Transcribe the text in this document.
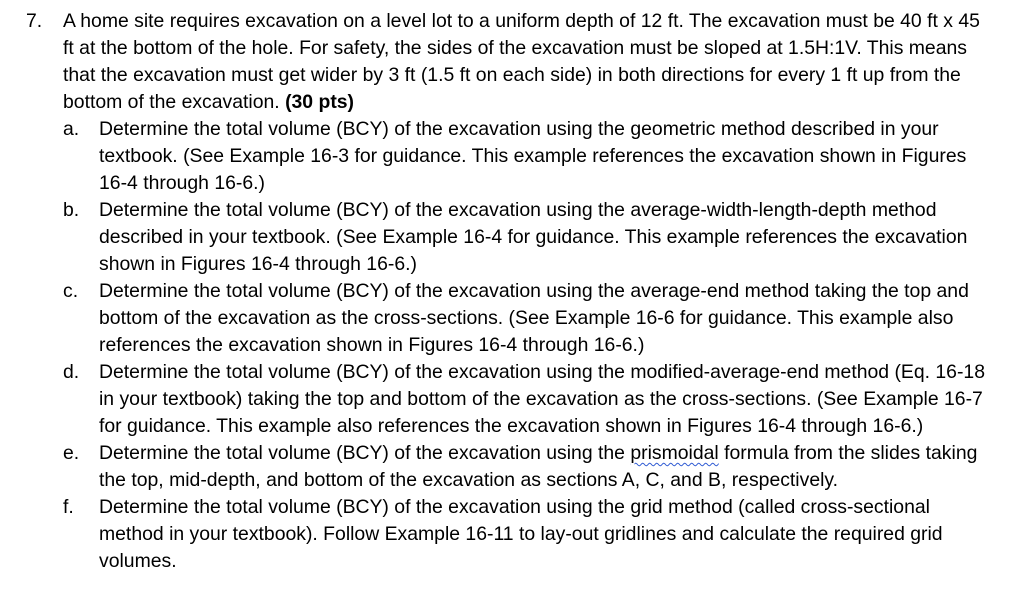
7.	A home site requires excavation on a level lot to a uniform depth of 12 ft. The excavation must be 40 ft x 45 ft at the bottom of the hole. For safety, the sides of the excavation must be sloped at 1.5H:1V. This means that the excavation must get wider by 3 ft (1.5 ft on each side) in both directions for every 1 ft up from the bottom of the excavation. (30 pts)

a.	Determine the total volume (BCY) of the excavation using the geometric method described in your textbook. (See Example 16-3 for guidance. This example references the excavation shown in Figures 16-4 through 16-6.)
b.	Determine the total volume (BCY) of the excavation using the average-width-length-depth method described in your textbook. (See Example 16-4 for guidance. This example references the excavation shown in Figures 16-4 through 16-6.)
c.	Determine the total volume (BCY) of the excavation using the average-end method taking the top and bottom of the excavation as the cross-sections. (See Example 16-6 for guidance. This example also references the excavation shown in Figures 16-4 through 16-6.)
d.	Determine the total volume (BCY) of the excavation using the modified-average-end method (Eq. 16-18 in your textbook) taking the top and bottom of the excavation as the cross-sections. (See Example 16-7 for guidance. This example also references the excavation shown in Figures 16-4 through 16-6.)
e.	Determine the total volume (BCY) of the excavation using the prismoidal formula from the slides taking the top, mid-depth, and bottom of the excavation as sections A, C, and B, respectively.
f.	Determine the total volume (BCY) of the excavation using the grid method (called cross-sectional method in your textbook). Follow Example 16-11 to lay-out gridlines and calculate the required grid volumes.
